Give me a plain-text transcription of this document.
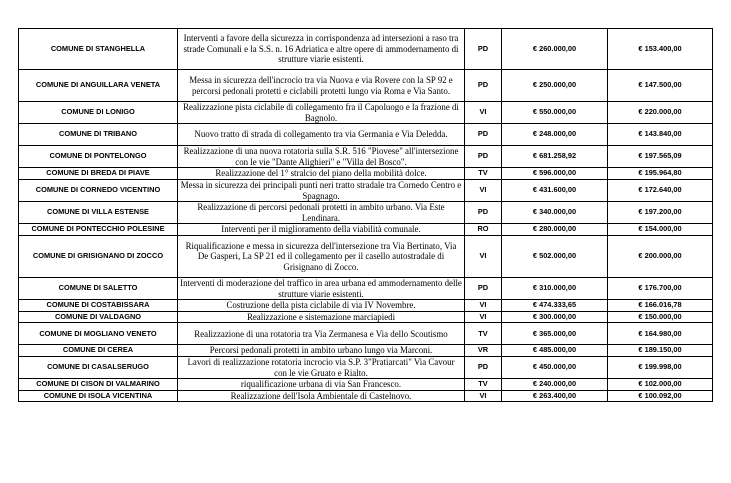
COMUNE DI STANGHELLA	Interventi a favore della sicurezza in corrispondenza ad intersezioni a raso tra strade Comunali e la S.S. n. 16 Adriatica e altre opere di ammodernamento di strutture viarie esistenti.	PD	€ 260.000,00	€ 153.400,00
COMUNE DI ANGUILLARA VENETA	Messa in sicurezza dell'incrocio tra via Nuova e via Rovere con la SP 92 e percorsi pedonali protetti e ciclabili protetti lungo via Roma e Via Santo.	PD	€ 250.000,00	€ 147.500,00
COMUNE DI LONIGO	Realizzazione pista ciclabile di collegamento fra il Capoluogo e la frazione di Bagnolo.	VI	€ 550.000,00	€ 220.000,00
COMUNE DI TRIBANO	Nuovo tratto di strada di collegamento tra via Germania e Via Deledda.	PD	€ 248.000,00	€ 143.840,00
COMUNE DI PONTELONGO	Realizzazione di una nuova rotatoria sulla S.R. 516 "Piovese" all'intersezione con le vie "Dante Alighieri" e "Villa del Bosco".	PD	€ 681.258,92	€ 197.565,09
COMUNE DI BREDA DI PIAVE	Realizzazione del 1° stralcio del piano della mobilità dolce.	TV	€ 596.000,00	€ 195.964,80
COMUNE DI CORNEDO VICENTINO	Messa in sicurezza dei principali punti neri tratto stradale tra Cornedo Centro e Spagnago.	VI	€ 431.600,00	€ 172.640,00
COMUNE DI VILLA ESTENSE	Realizzazione di percorsi pedonali protetti in ambito urbano. Via Este Lendinara.	PD	€ 340.000,00	€ 197.200,00
COMUNE DI PONTECCHIO POLESINE	Interventi per il miglioramento della viabilità comunale.	RO	€ 280.000,00	€ 154.000,00
COMUNE DI GRISIGNANO DI ZOCCO	Riqualificazione e messa in sicurezza dell'intersezione tra Via Bertinato, Via De Gasperi, La SP 21 ed il collegamento per il casello autostradale di Grisignano di Zocco.	VI	€ 502.000,00	€ 200.000,00
COMUNE DI SALETTO	Interventi di moderazione del traffico in area urbana ed ammodernamento delle strutture viarie esistenti.	PD	€ 310.000,00	€ 176.700,00
COMUNE DI COSTABISSARA	Costruzione della pista ciclabile di via IV Novembre.	VI	€ 474.333,65	€ 166.016,78
COMUNE DI VALDAGNO	Realizzazione e sistemazione marciapiedi	VI	€ 300.000,00	€ 150.000,00
COMUNE DI MOGLIANO VENETO	Realizzazione di una rotatoria tra Via Zermanesa e Via dello Scoutismo	TV	€ 365.000,00	€ 164.980,00
COMUNE DI CEREA	Percorsi pedonali protetti in ambito urbano lungo via Marconi.	VR	€ 485.000,00	€ 189.150,00
COMUNE DI CASALSERUGO	Lavori di realizzazione rotatoria incrocio via S.P. 3"Pratiarcati" Via Cavour con le vie Gruato e Rialto.	PD	€ 450.000,00	€ 199.998,00
COMUNE DI CISON DI VALMARINO	riqualificazione urbana di via San Francesco.	TV	€ 240.000,00	€ 102.000,00
COMUNE DI ISOLA VICENTINA	Realizzazione dell'Isola Ambientale di Castelnovo.	VI	€ 263.400,00	€ 100.092,00
